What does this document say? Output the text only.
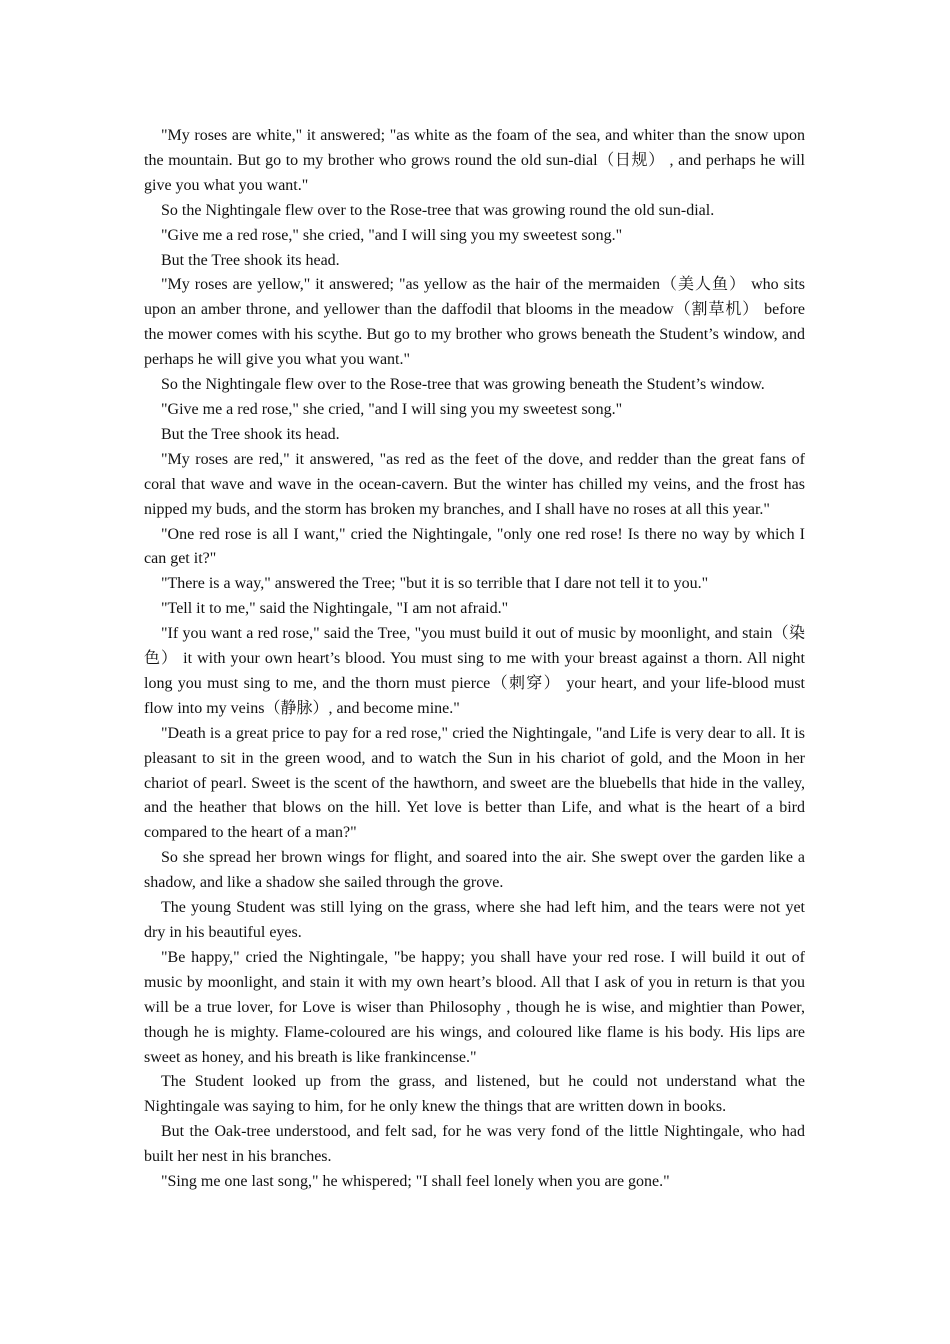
"My roses are white," it answered; "as white as the foam of the sea, and whiter than the snow upon the mountain. But go to my brother who grows round the old sun-dial（日规） , and perhaps he will give you what you want."

So the Nightingale flew over to the Rose-tree that was growing round the old sun-dial.

"Give me a red rose," she cried, "and I will sing you my sweetest song."

But the Tree shook its head.

"My roses are yellow," it answered; "as yellow as the hair of the mermaiden（美人鱼） who sits upon an amber throne, and yellower than the daffodil that blooms in the meadow（割草机） before the mower comes with his scythe. But go to my brother who grows beneath the Student’s window, and perhaps he will give you what you want."

So the Nightingale flew over to the Rose-tree that was growing beneath the Student’s window.

"Give me a red rose," she cried, "and I will sing you my sweetest song."

But the Tree shook its head.

"My roses are red," it answered, "as red as the feet of the dove, and redder than the great fans of coral that wave and wave in the ocean-cavern. But the winter has chilled my veins, and the frost has nipped my buds, and the storm has broken my branches, and I shall have no roses at all this year."

"One red rose is all I want," cried the Nightingale, "only one red rose! Is there no way by which I can get it?"

"There is a way," answered the Tree; "but it is so terrible that I dare not tell it to you."

"Tell it to me," said the Nightingale, "I am not afraid."

"If you want a red rose," said the Tree, "you must build it out of music by moonlight, and stain（染色） it with your own heart’s blood. You must sing to me with your breast against a thorn. All night long you must sing to me, and the thorn must pierce（刺穿） your heart, and your life-blood must flow into my veins（静脉）, and become mine."

"Death is a great price to pay for a red rose," cried the Nightingale, "and Life is very dear to all. It is pleasant to sit in the green wood, and to watch the Sun in his chariot of gold, and the Moon in her chariot of pearl. Sweet is the scent of the hawthorn, and sweet are the bluebells that hide in the valley, and the heather that blows on the hill. Yet love is better than Life, and what is the heart of a bird compared to the heart of a man?"

So she spread her brown wings for flight, and soared into the air. She swept over the garden like a shadow, and like a shadow she sailed through the grove.

The young Student was still lying on the grass, where she had left him, and the tears were not yet dry in his beautiful eyes.

"Be happy," cried the Nightingale, "be happy; you shall have your red rose. I will build it out of music by moonlight, and stain it with my own heart’s blood. All that I ask of you in return is that you will be a true lover, for Love is wiser than Philosophy , though he is wise, and mightier than Power, though he is mighty. Flame-coloured are his wings, and coloured like flame is his body. His lips are sweet as honey, and his breath is like frankincense."

The Student looked up from the grass, and listened, but he could not understand what the Nightingale was saying to him, for he only knew the things that are written down in books.

But the Oak-tree understood, and felt sad, for he was very fond of the little Nightingale, who had built her nest in his branches.

"Sing me one last song," he whispered; "I shall feel lonely when you are gone."
